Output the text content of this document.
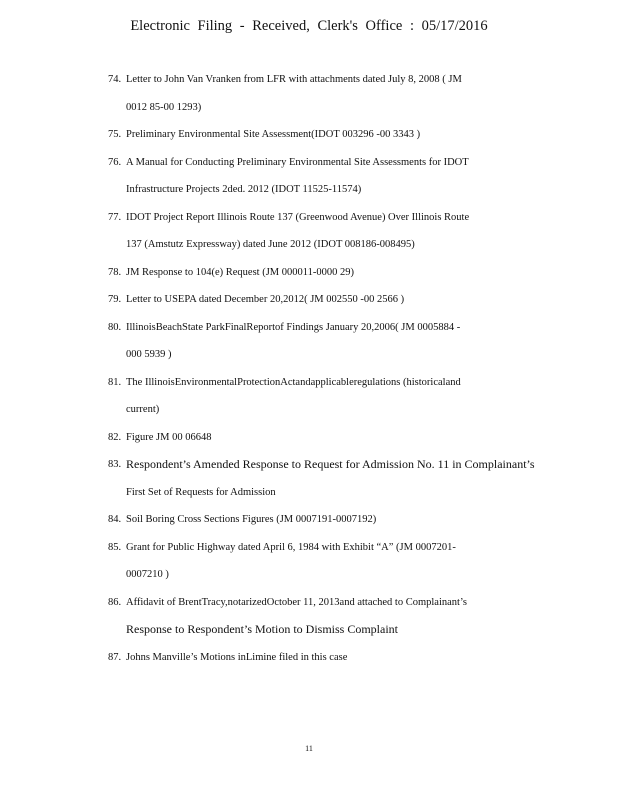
Electronic Filing - Received, Clerk's Office : 05/17/2016
74. Letter to John Van Vranken from LFR with attachments dated July 8, 2008 ( JM
0012 85-00 1293)
75. Preliminary Environmental Site Assessment(IDOT 003296 -00 3343 )
76. A Manual for Conducting Preliminary Environmental Site Assessments for IDOT
Infrastructure Projects 2ded. 2012 (IDOT 11525-11574)
77. IDOT Project Report Illinois Route 137 (Greenwood Avenue) Over Illinois Route
137 (Amstutz Expressway) dated June 2012 (IDOT 008186-008495)
78. JM Response to 104(e) Request (JM 000011-0000 29)
79. Letter to USEPA dated December 20,2012( JM 002550 -00 2566 )
80. IllinoisBeachState ParkFinalReportof Findings January 20,2006( JM 0005884 -
000 5939 )
81. The IllinoisEnvironmentalProtectionActandapplicableregulations (historicaland
current)
82. Figure JM 00 06648
83. Respondent’s Amended Response to Request for Admission No. 11 in Complainant’s
First Set of Requests for Admission
84. Soil Boring Cross Sections Figures (JM 0007191-0007192)
85. Grant for Public Highway dated April 6, 1984 with Exhibit “A” (JM 0007201-
0007210 )
86. Affidavit of BrentTracy,notarizedOctober 11, 2013and attached to Complainant’s
Response to Respondent’s Motion to Dismiss Complaint
87. Johns Manville’s Motions inLimine filed in this case
11
